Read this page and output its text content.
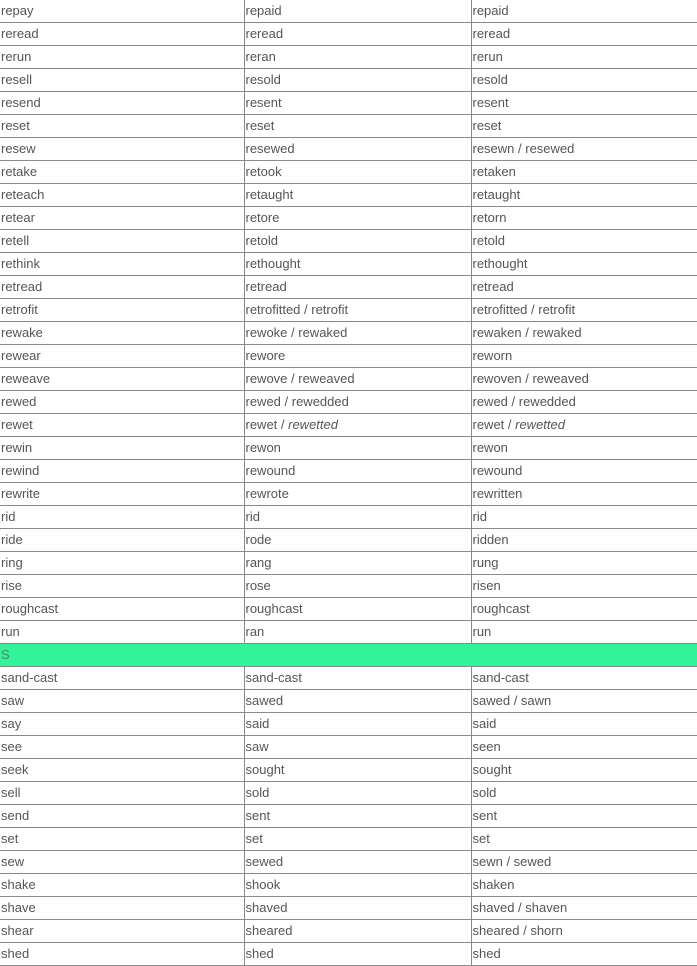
repay	repaid	repaid
reread	reread	reread
rerun	reran	rerun
resell	resold	resold
resend	resent	resent
reset	reset	reset
resew	resewed	resewn / resewed
retake	retook	retaken
reteach	retaught	retaught
retear	retore	retorn
retell	retold	retold
rethink	rethought	rethought
retread	retread	retread
retrofit	retrofitted / retrofit	retrofitted / retrofit
rewake	rewoke / rewaked	rewaken / rewaked
rewear	rewore	reworn
reweave	rewove / reweaved	rewoven / reweaved
rewed	rewed / rewedded	rewed / rewedded
rewet	rewet / rewetted	rewet / rewetted
rewin	rewon	rewon
rewind	rewound	rewound
rewrite	rewrote	rewritten
rid	rid	rid
ride	rode	ridden
ring	rang	rung
rise	rose	risen
roughcast	roughcast	roughcast
run	ran	run
S		
sand-cast	sand-cast	sand-cast
saw	sawed	sawed / sawn
say	said	said
see	saw	seen
seek	sought	sought
sell	sold	sold
send	sent	sent
set	set	set
sew	sewed	sewn / sewed
shake	shook	shaken
shave	shaved	shaved / shaven
shear	sheared	sheared / shorn
shed	shed	shed
